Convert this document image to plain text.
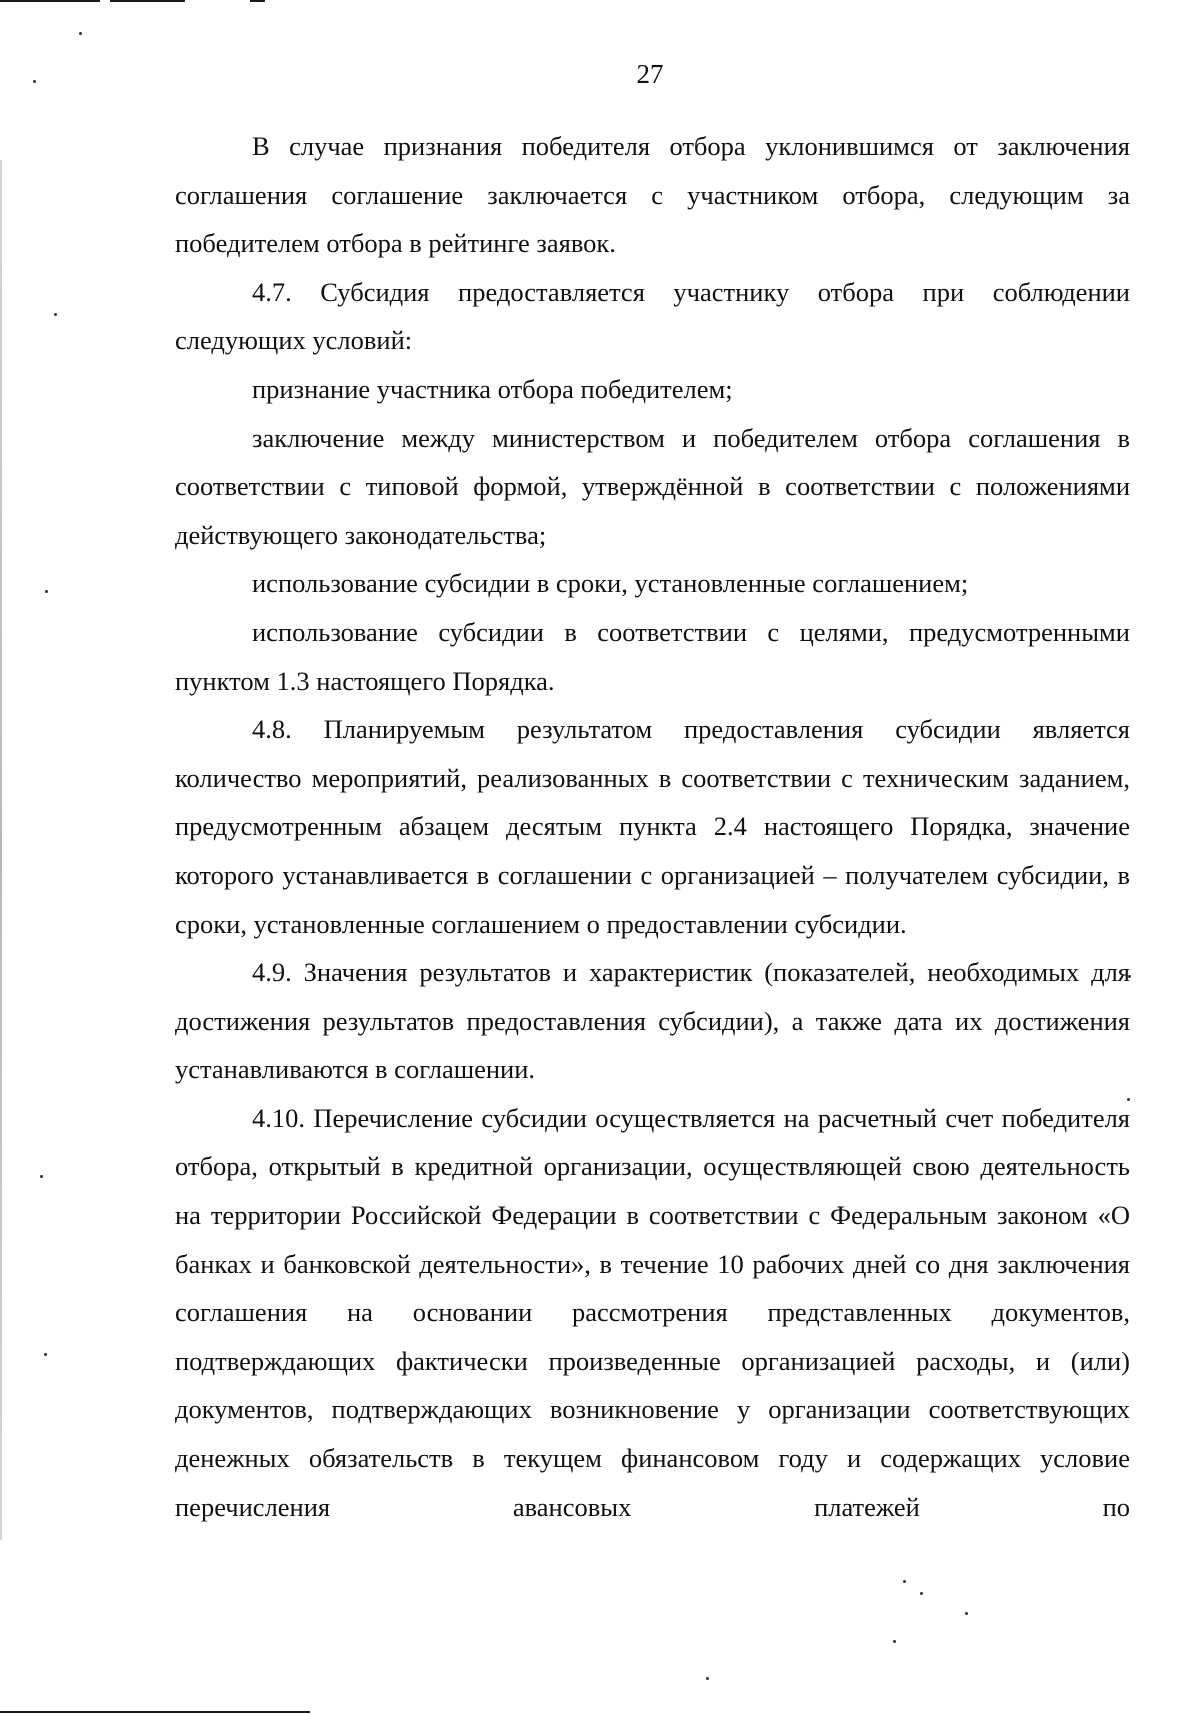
27

В случае признания победителя отбора уклонившимся от заключения соглашения соглашение заключается с участником отбора, следующим за победителем отбора в рейтинге заявок.

4.7. Субсидия предоставляется участнику отбора при соблюдении следующих условий:

признание участника отбора победителем;

заключение между министерством и победителем отбора соглашения в соответствии с типовой формой, утверждённой в соответствии с положениями действующего законодательства;

использование субсидии в сроки, установленные соглашением;

использование субсидии в соответствии с целями, предусмотренными пунктом 1.3 настоящего Порядка.

4.8. Планируемым результатом предоставления субсидии является количество мероприятий, реализованных в соответствии с техническим заданием, предусмотренным абзацем десятым пункта 2.4 настоящего Порядка, значение которого устанавливается в соглашении с организацией – получателем субсидии, в сроки, установленные соглашением о предоставлении субсидии.

4.9. Значения результатов и характеристик (показателей, необходимых для достижения результатов предоставления субсидии), а также дата их достижения устанавливаются в соглашении.

4.10. Перечисление субсидии осуществляется на расчетный счет победителя отбора, открытый в кредитной организации, осуществляющей свою деятельность на территории Российской Федерации в соответствии с Федеральным законом «О банках и банковской деятельности», в течение 10 рабочих дней со дня заключения соглашения на основании рассмотрения представленных документов, подтверждающих фактически произведенные организацией расходы, и (или) документов, подтверждающих возникновение у организации соответствующих денежных обязательств в текущем финансовом году и содержащих условие перечисления авансовых платежей по
